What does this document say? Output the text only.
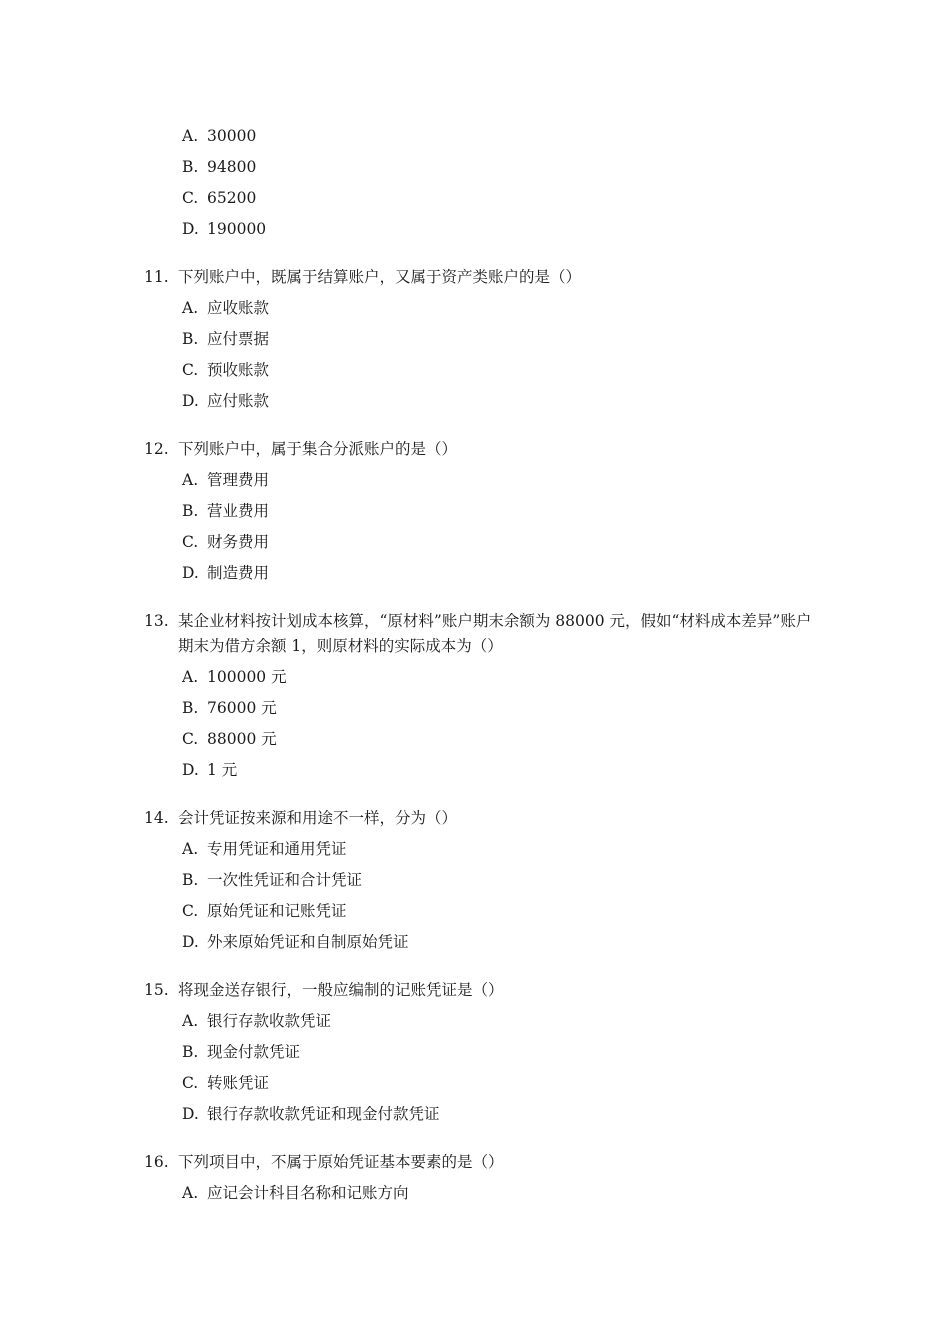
A. 30000
B. 94800
C. 65200
D. 190000
11. 下列账户中，既属于结算账户，又属于资产类账户的是（）
A. 应收账款
B. 应付票据
C. 预收账款
D. 应付账款
12. 下列账户中，属于集合分派账户的是（）
A. 管理费用
B. 营业费用
C. 财务费用
D. 制造费用
13. 某企业材料按计划成本核算，“原材料”账户期末余额为 88000 元，假如“材料成本差异”账户期末为借方余额 1，则原材料的实际成本为（）
A. 100000 元
B. 76000 元
C. 88000 元
D. 1 元
14. 会计凭证按来源和用途不一样，分为（）
A. 专用凭证和通用凭证
B. 一次性凭证和合计凭证
C. 原始凭证和记账凭证
D. 外来原始凭证和自制原始凭证
15. 将现金送存银行，一般应编制的记账凭证是（）
A. 银行存款收款凭证
B. 现金付款凭证
C. 转账凭证
D. 银行存款收款凭证和现金付款凭证
16. 下列项目中，不属于原始凭证基本要素的是（）
A. 应记会计科目名称和记账方向
